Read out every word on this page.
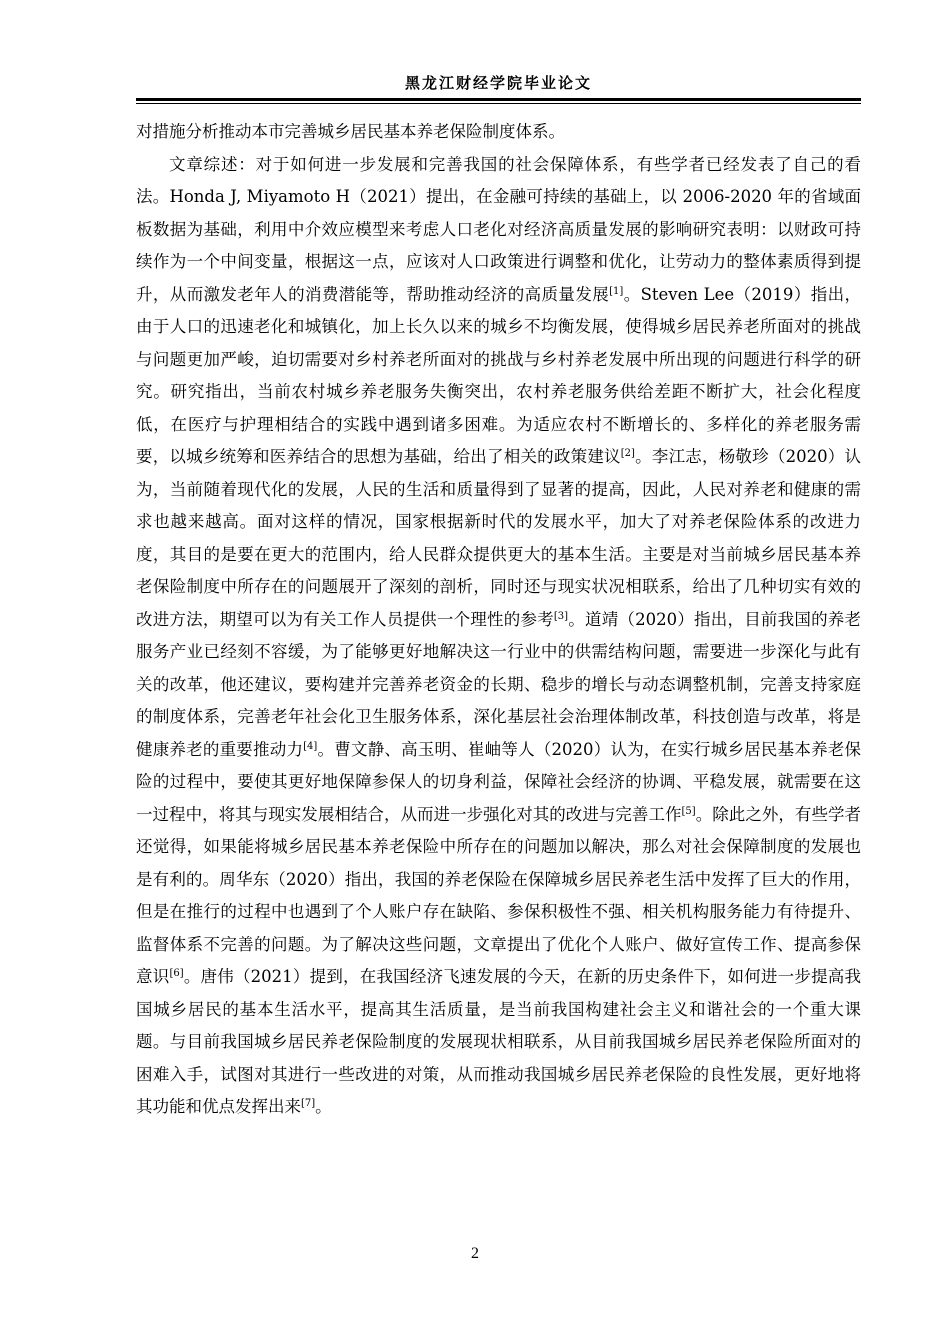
黑龙江财经学院毕业论文

对措施分析推动本市完善城乡居民基本养老保险制度体系。

文章综述：对于如何进一步发展和完善我国的社会保障体系，有些学者已经发表了自己的看法。Honda J, Miyamoto H（2021）提出，在金融可持续的基础上，以 2006-2020 年的省域面板数据为基础，利用中介效应模型来考虑人口老化对经济高质量发展的影响研究表明：以财政可持续作为一个中间变量，根据这一点，应该对人口政策进行调整和优化，让劳动力的整体素质得到提升，从而激发老年人的消费潜能等，帮助推动经济的高质量发展[1]。Steven Lee（2019）指出，由于人口的迅速老化和城镇化，加上长久以来的城乡不均衡发展，使得城乡居民养老所面对的挑战与问题更加严峻，迫切需要对乡村养老所面对的挑战与乡村养老发展中所出现的问题进行科学的研究。研究指出，当前农村城乡养老服务失衡突出，农村养老服务供给差距不断扩大，社会化程度低，在医疗与护理相结合的实践中遇到诸多困难。为适应农村不断增长的、多样化的养老服务需要，以城乡统筹和医养结合的思想为基础，给出了相关的政策建议[2]。李江志，杨敬珍（2020）认为，当前随着现代化的发展，人民的生活和质量得到了显著的提高，因此，人民对养老和健康的需求也越来越高。面对这样的情况，国家根据新时代的发展水平，加大了对养老保险体系的改进力度，其目的是要在更大的范围内，给人民群众提供更大的基本生活。主要是对当前城乡居民基本养老保险制度中所存在的问题展开了深刻的剖析，同时还与现实状况相联系，给出了几种切实有效的改进方法，期望可以为有关工作人员提供一个理性的参考[3]。道靖（2020）指出，目前我国的养老服务产业已经刻不容缓，为了能够更好地解决这一行业中的供需结构问题，需要进一步深化与此有关的改革，他还建议，要构建并完善养老资金的长期、稳步的增长与动态调整机制，完善支持家庭的制度体系，完善老年社会化卫生服务体系，深化基层社会治理体制改革，科技创造与改革，将是健康养老的重要推动力[4]。曹文静、高玉明、崔岫等人（2020）认为，在实行城乡居民基本养老保险的过程中，要使其更好地保障参保人的切身利益，保障社会经济的协调、平稳发展，就需要在这一过程中，将其与现实发展相结合，从而进一步强化对其的改进与完善工作[5]。除此之外，有些学者还觉得，如果能将城乡居民基本养老保险中所存在的问题加以解决，那么对社会保障制度的发展也是有利的。周华东（2020）指出，我国的养老保险在保障城乡居民养老生活中发挥了巨大的作用，但是在推行的过程中也遇到了个人账户存在缺陷、参保积极性不强、相关机构服务能力有待提升、监督体系不完善的问题。为了解决这些问题，文章提出了优化个人账户、做好宣传工作、提高参保意识[6]。唐伟（2021）提到，在我国经济飞速发展的今天，在新的历史条件下，如何进一步提高我国城乡居民的基本生活水平，提高其生活质量，是当前我国构建社会主义和谐社会的一个重大课题。与目前我国城乡居民养老保险制度的发展现状相联系，从目前我国城乡居民养老保险所面对的困难入手，试图对其进行一些改进的对策，从而推动我国城乡居民养老保险的良性发展，更好地将其功能和优点发挥出来[7]。

2
